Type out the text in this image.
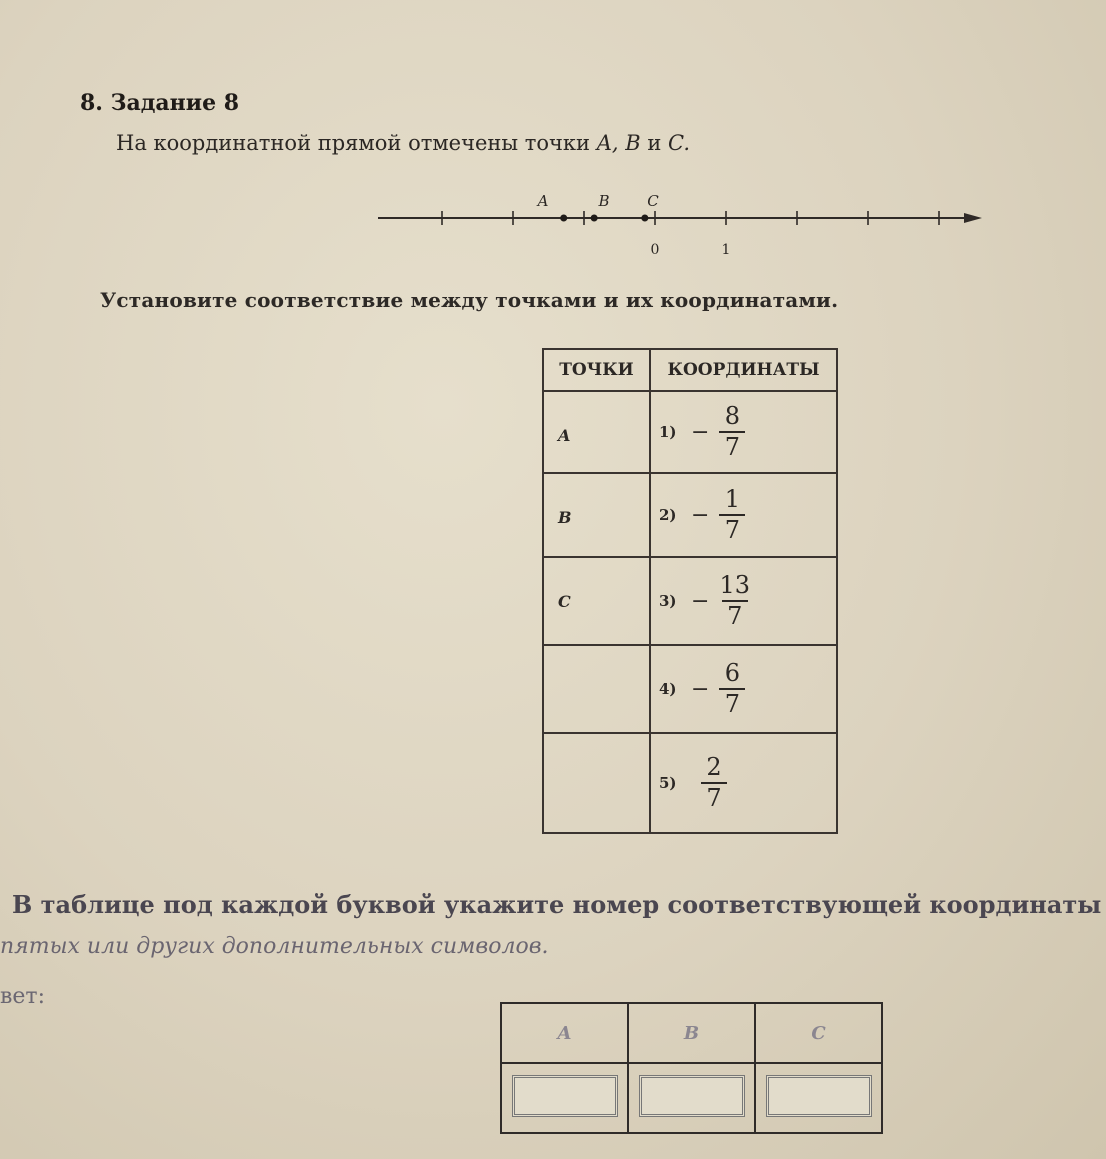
8. Задание 8
На координатной прямой отмечены точки A, B и C.
0	1
A	B	C
Установите соответствие между точками и их координатами.
ТОЧКИ	КООРДИНАТЫ
A	$1) - \frac{8}{7}$

B	$2) - \frac{1}{7}$

C	$3) - \frac{13}{7}$

	$4) - \frac{6}{7}$

	$5) \frac{2}{7}$
В таблице под каждой буквой укажите номер соответствующей координаты
пятых или других дополнительных символов.
вет:
A	B	C
